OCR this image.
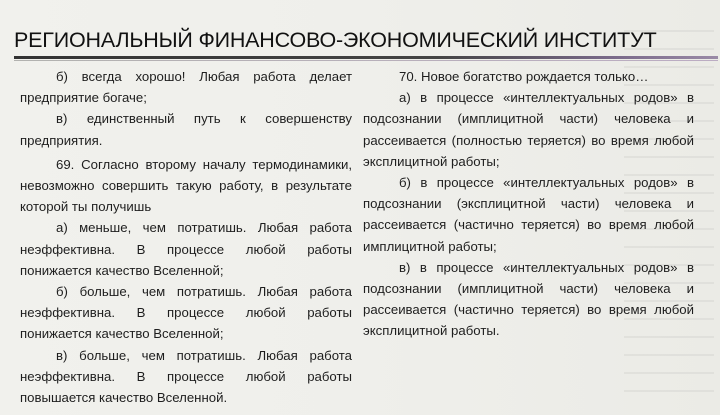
РЕГИОНАЛЬНЫЙ ФИНАНСОВО-ЭКОНОМИЧЕСКИЙ ИНСТИТУТ

б) всегда хорошо! Любая работа делает предприятие богаче;

в) единственный путь к совершенству предприятия.

69. Согласно второму началу термодинамики, невозможно совершить такую работу, в результате которой ты получишь

а) меньше, чем потратишь. Любая работа неэффективна. В процессе любой работы понижается качество Вселенной;

б) больше, чем потратишь. Любая работа неэффективна. В процессе любой работы понижается качество Вселенной;

в) больше, чем потратишь. Любая работа неэффективна. В процессе любой работы повышается качество Вселенной.

70. Новое богатство рождается только…

а) в процессе «интеллектуальных родов» в подсознании (имплицитной части) человека и рассеивается (полностью теряется) во время любой эксплицитной работы;

б) в процессе «интеллектуальных родов» в подсознании (эксплицитной части) человека и рассеивается (частично теряется) во время любой имплицитной работы;

в) в процессе «интеллектуальных родов» в подсознании (имплицитной части) человека и рассеивается (частично теряется) во время любой эксплицитной работы.
